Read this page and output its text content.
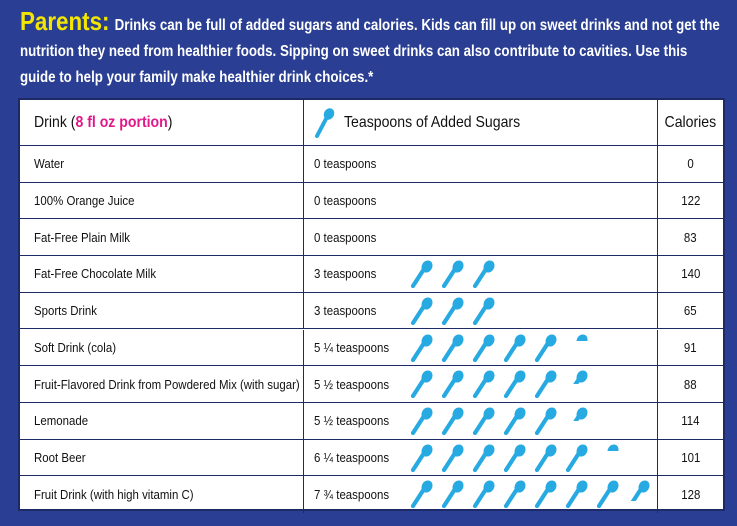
Parents: Drinks can be full of added sugars and calories. Kids can fill up on sweet drinks and not get the nutrition they need from healthier foods. Sipping on sweet drinks can also contribute to cavities. Use this guide to help your family make healthier drink choices.*
Drink (8 fl oz portion)	Teaspoons of Added Sugars	Calories
Water	0 teaspoons	0
100% Orange Juice	0 teaspoons	122
Fat-Free Plain Milk	0 teaspoons	83
Fat-Free Chocolate Milk	3 teaspoons	140
Sports Drink	3 teaspoons	65
Soft Drink (cola)	5 ¼ teaspoons	91
Fruit-Flavored Drink from Powdered Mix (with sugar) 5 ½ teaspoons	88
Lemonade	5 ½ teaspoons	114
Root Beer	6 ¼ teaspoons	101
Fruit Drink (with high vitamin C)	7 ¾ teaspoons	128
